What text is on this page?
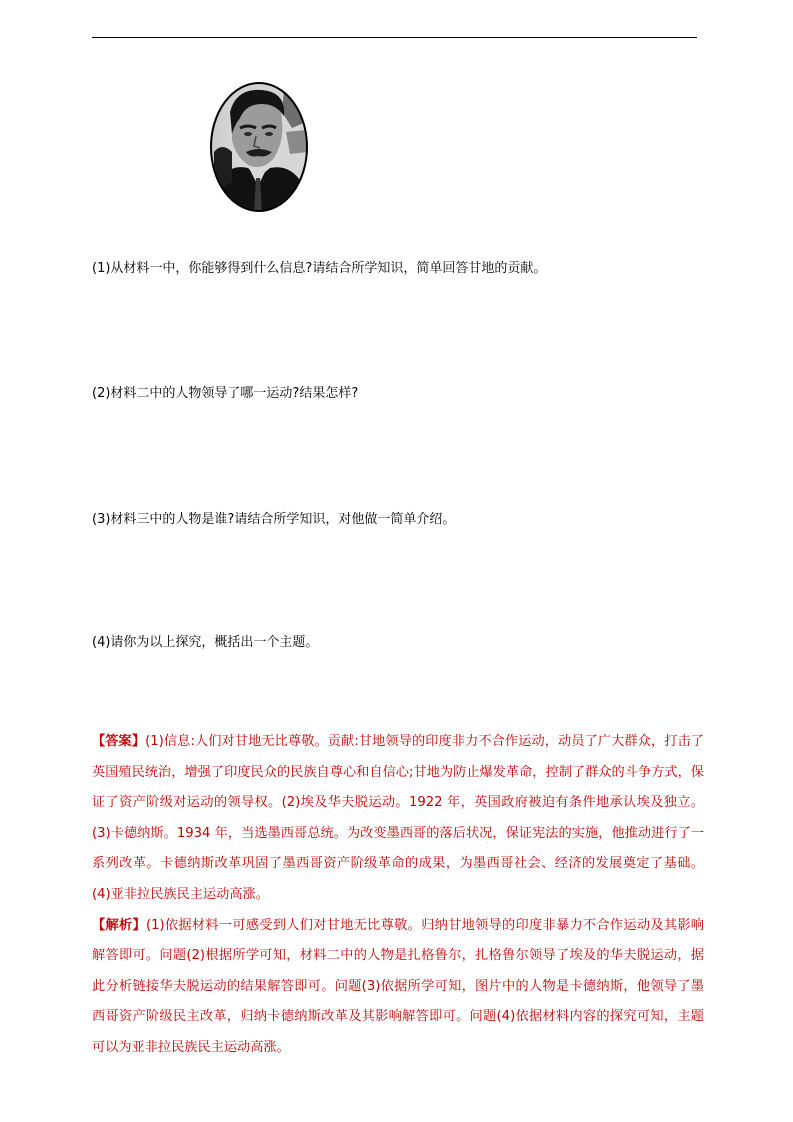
(1)从材料一中，你能够得到什么信息?请结合所学知识，简单回答甘地的贡献。
(2)材料二中的人物领导了哪一运动?结果怎样?
(3)材料三中的人物是谁?请结合所学知识，对他做一简单介绍。
(4)请你为以上探究，概括出一个主题。

【答案】(1)信息:人们对甘地无比尊敬。贡献:甘地领导的印度非力不合作运动，动员了广大群众，打击了英国殖民统治，增强了印度民众的民族自尊心和自信心;甘地为防止爆发革命，控制了群众的斗争方式，保证了资产阶级对运动的领导权。(2)埃及华夫脱运动。1922 年，英国政府被迫有条件地承认埃及独立。(3)卡德纳斯。1934 年，当选墨西哥总统。为改变墨西哥的落后状况，保证宪法的实施，他推动进行了一系列改革。卡德纳斯改革巩固了墨西哥资产阶级革命的成果，为墨西哥社会、经济的发展奠定了基础。(4)亚非拉民族民主运动高涨。

【解析】(1)依据材料一可感受到人们对甘地无比尊敬。归纳甘地领导的印度非暴力不合作运动及其影响解答即可。问题(2)根据所学可知，材料二中的人物是扎格鲁尔，扎格鲁尔领导了埃及的华夫脱运动，据此分析链接华夫脱运动的结果解答即可。问题(3)依据所学可知，图片中的人物是卡德纳斯，他领导了墨西哥资产阶级民主改革，归纳卡德纳斯改革及其影响解答即可。问题(4)依据材料内容的探究可知，主题可以为亚非拉民族民主运动高涨。
